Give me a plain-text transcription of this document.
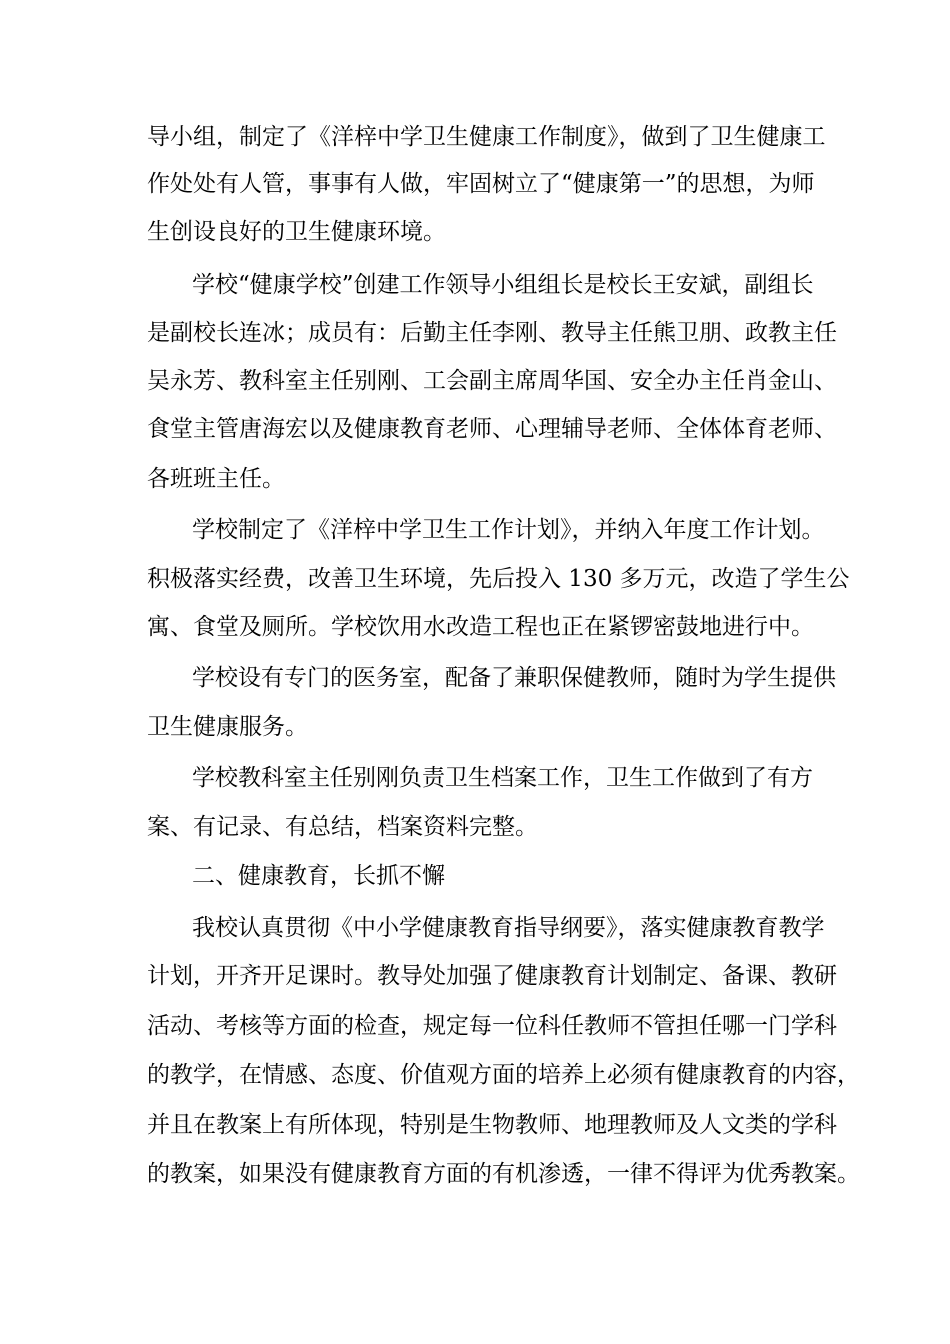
导小组，制定了《洋梓中学卫生健康工作制度》，做到了卫生健康工
作处处有人管，事事有人做，牢固树立了“健康第一”的思想，为师
生创设良好的卫生健康环境。
学校“健康学校”创建工作领导小组组长是校长王安斌，副组长
是副校长连冰；成员有：后勤主任李刚、教导主任熊卫朋、政教主任
吴永芳、教科室主任别刚、工会副主席周华国、安全办主任肖金山、
食堂主管唐海宏以及健康教育老师、心理辅导老师、全体体育老师、
各班班主任。
学校制定了《洋梓中学卫生工作计划》，并纳入年度工作计划。
积极落实经费，改善卫生环境，先后投入 130 多万元，改造了学生公
寓、食堂及厕所。学校饮用水改造工程也正在紧锣密鼓地进行中。
学校设有专门的医务室，配备了兼职保健教师，随时为学生提供
卫生健康服务。
学校教科室主任别刚负责卫生档案工作，卫生工作做到了有方
案、有记录、有总结，档案资料完整。
二、健康教育，长抓不懈
我校认真贯彻《中小学健康教育指导纲要》，落实健康教育教学
计划，开齐开足课时。教导处加强了健康教育计划制定、备课、教研
活动、考核等方面的检查，规定每一位科任教师不管担任哪一门学科
的教学，在情感、态度、价值观方面的培养上必须有健康教育的内容，
并且在教案上有所体现，特别是生物教师、地理教师及人文类的学科
的教案，如果没有健康教育方面的有机渗透，一律不得评为优秀教案。
